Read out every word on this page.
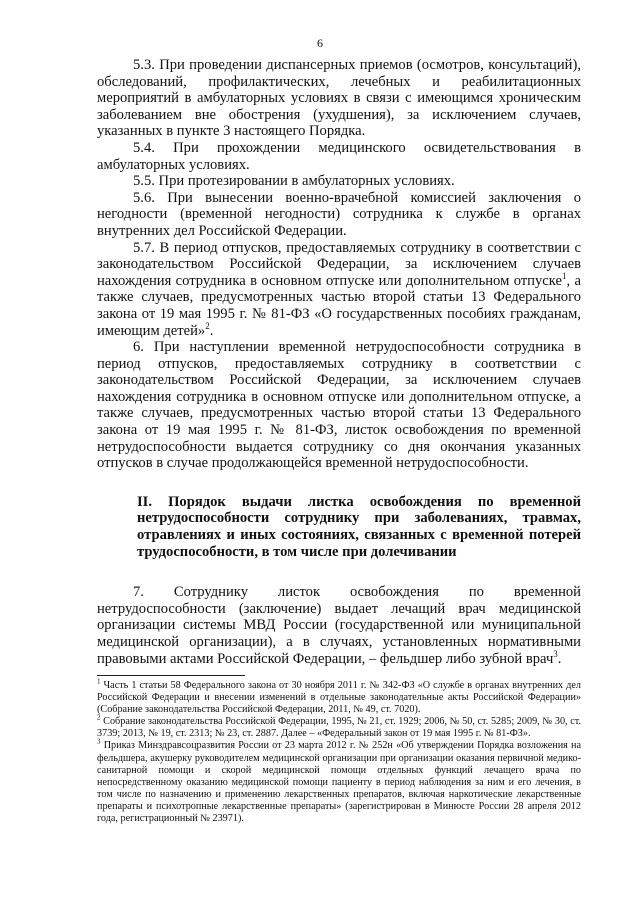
6

5.3. При проведении диспансерных приемов (осмотров, консультаций), обследований, профилактических, лечебных и реабилитационных мероприятий в амбулаторных условиях в связи с имеющимся хроническим заболеванием вне обострения (ухудшения), за исключением случаев, указанных в пункте 3 настоящего Порядка.

5.4. При прохождении медицинского освидетельствования в амбулаторных условиях.

5.5. При протезировании в амбулаторных условиях.

5.6. При вынесении военно-врачебной комиссией заключения о негодности (временной негодности) сотрудника к службе в органах внутренних дел Российской Федерации.

5.7. В период отпусков, предоставляемых сотруднику в соответствии с законодательством Российской Федерации, за исключением случаев нахождения сотрудника в основном отпуске или дополнительном отпуске$^1$, а также случаев, предусмотренных частью второй статьи 13 Федерального закона от 19 мая 1995 г. № 81-ФЗ «О государственных пособиях гражданам, имеющим детей»$^2$.

6. При наступлении временной нетрудоспособности сотрудника в период отпусков, предоставляемых сотруднику в соответствии с законодательством Российской Федерации, за исключением случаев нахождения сотрудника в основном отпуске или дополнительном отпуске, а также случаев, предусмотренных частью второй статьи 13 Федерального закона от 19 мая 1995 г. № 81-ФЗ, листок освобождения по временной нетрудоспособности выдается сотруднику со дня окончания указанных отпусков в случае продолжающейся временной нетрудоспособности.

II. Порядок выдачи листка освобождения по временной нетрудоспособности сотруднику при заболеваниях, травмах, отравлениях и иных состояниях, связанных с временной потерей трудоспособности, в том числе при долечивании

7. Сотруднику листок освобождения по временной нетрудоспособности (заключение) выдает лечащий врач медицинской организации системы МВД России (государственной или муниципальной медицинской организации), а в случаях, установленных нормативными правовыми актами Российской Федерации, – фельдшер либо зубной врач$^3$.

$^1$ Часть 1 статьи 58 Федерального закона от 30 ноября 2011 г. № 342-ФЗ «О службе в органах внутренних дел Российской Федерации и внесении изменений в отдельные законодательные акты Российской Федерации» (Собрание законодательства Российской Федерации, 2011, № 49, ст. 7020).

$^2$ Собрание законодательства Российской Федерации, 1995, № 21, ст. 1929; 2006, № 50, ст. 5285; 2009, № 30, ст. 3739; 2013, № 19, ст. 2313; № 23, ст. 2887. Далее – «Федеральный закон от 19 мая 1995 г. № 81-ФЗ».

$^3$ Приказ Минздравсоцразвития России от 23 марта 2012 г. № 252н «Об утверждении Порядка возложения на фельдшера, акушерку руководителем медицинской организации при организации оказания первичной медико-санитарной помощи и скорой медицинской помощи отдельных функций лечащего врача по непосредственному оказанию медицинской помощи пациенту в период наблюдения за ним и его лечения, в том числе по назначению и применению лекарственных препаратов, включая наркотические лекарственные препараты и психотропные лекарственные препараты» (зарегистрирован в Минюсте России 28 апреля 2012 года, регистрационный № 23971).
